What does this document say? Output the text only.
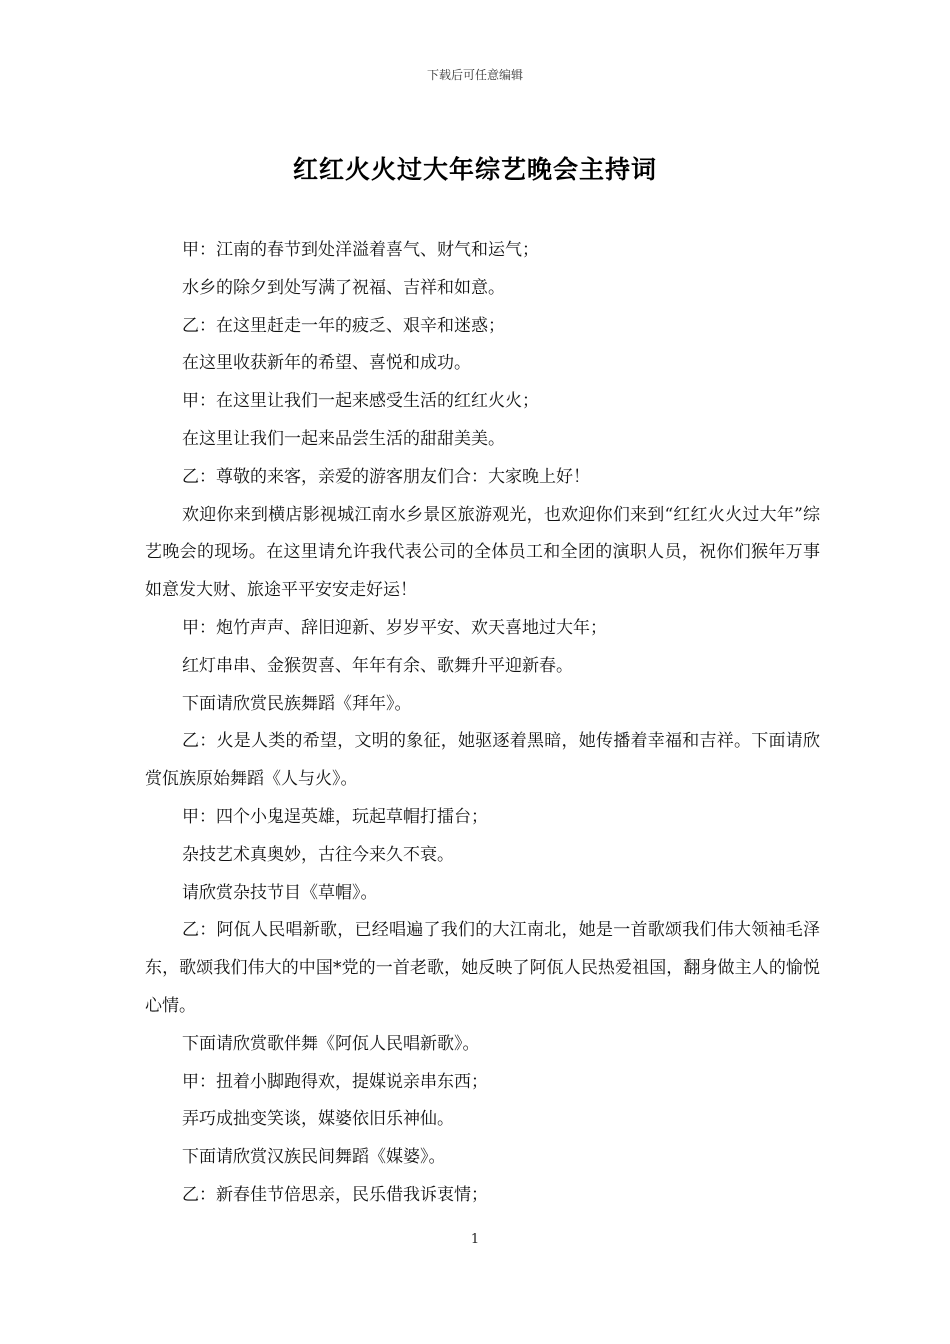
下载后可任意编辑
红红火火过大年综艺晚会主持词

甲：江南的春节到处洋溢着喜气、财气和运气；

水乡的除夕到处写满了祝福、吉祥和如意。

乙：在这里赶走一年的疲乏、艰辛和迷惑；

在这里收获新年的希望、喜悦和成功。

甲：在这里让我们一起来感受生活的红红火火；

在这里让我们一起来品尝生活的甜甜美美。

乙：尊敬的来客，亲爱的游客朋友们合：大家晚上好！

欢迎你来到横店影视城江南水乡景区旅游观光，也欢迎你们来到“红红火火过大年”综艺晚会的现场。在这里请允许我代表公司的全体员工和全团的演职人员，祝你们猴年万事如意发大财、旅途平平安安走好运！

甲：炮竹声声、辞旧迎新、岁岁平安、欢天喜地过大年；

红灯串串、金猴贺喜、年年有余、歌舞升平迎新春。

下面请欣赏民族舞蹈《拜年》。

乙：火是人类的希望，文明的象征，她驱逐着黑暗，她传播着幸福和吉祥。下面请欣赏佤族原始舞蹈《人与火》。

甲：四个小鬼逞英雄，玩起草帽打擂台；

杂技艺术真奥妙，古往今来久不衰。

请欣赏杂技节目《草帽》。

乙：阿佤人民唱新歌，已经唱遍了我们的大江南北，她是一首歌颂我们伟大领袖毛泽东，歌颂我们伟大的中国*党的一首老歌，她反映了阿佤人民热爱祖国，翻身做主人的愉悦心情。

下面请欣赏歌伴舞《阿佤人民唱新歌》。

甲：扭着小脚跑得欢，提媒说亲串东西；

弄巧成拙变笑谈，媒婆依旧乐神仙。

下面请欣赏汉族民间舞蹈《媒婆》。

乙：新春佳节倍思亲，民乐借我诉衷情；

1
